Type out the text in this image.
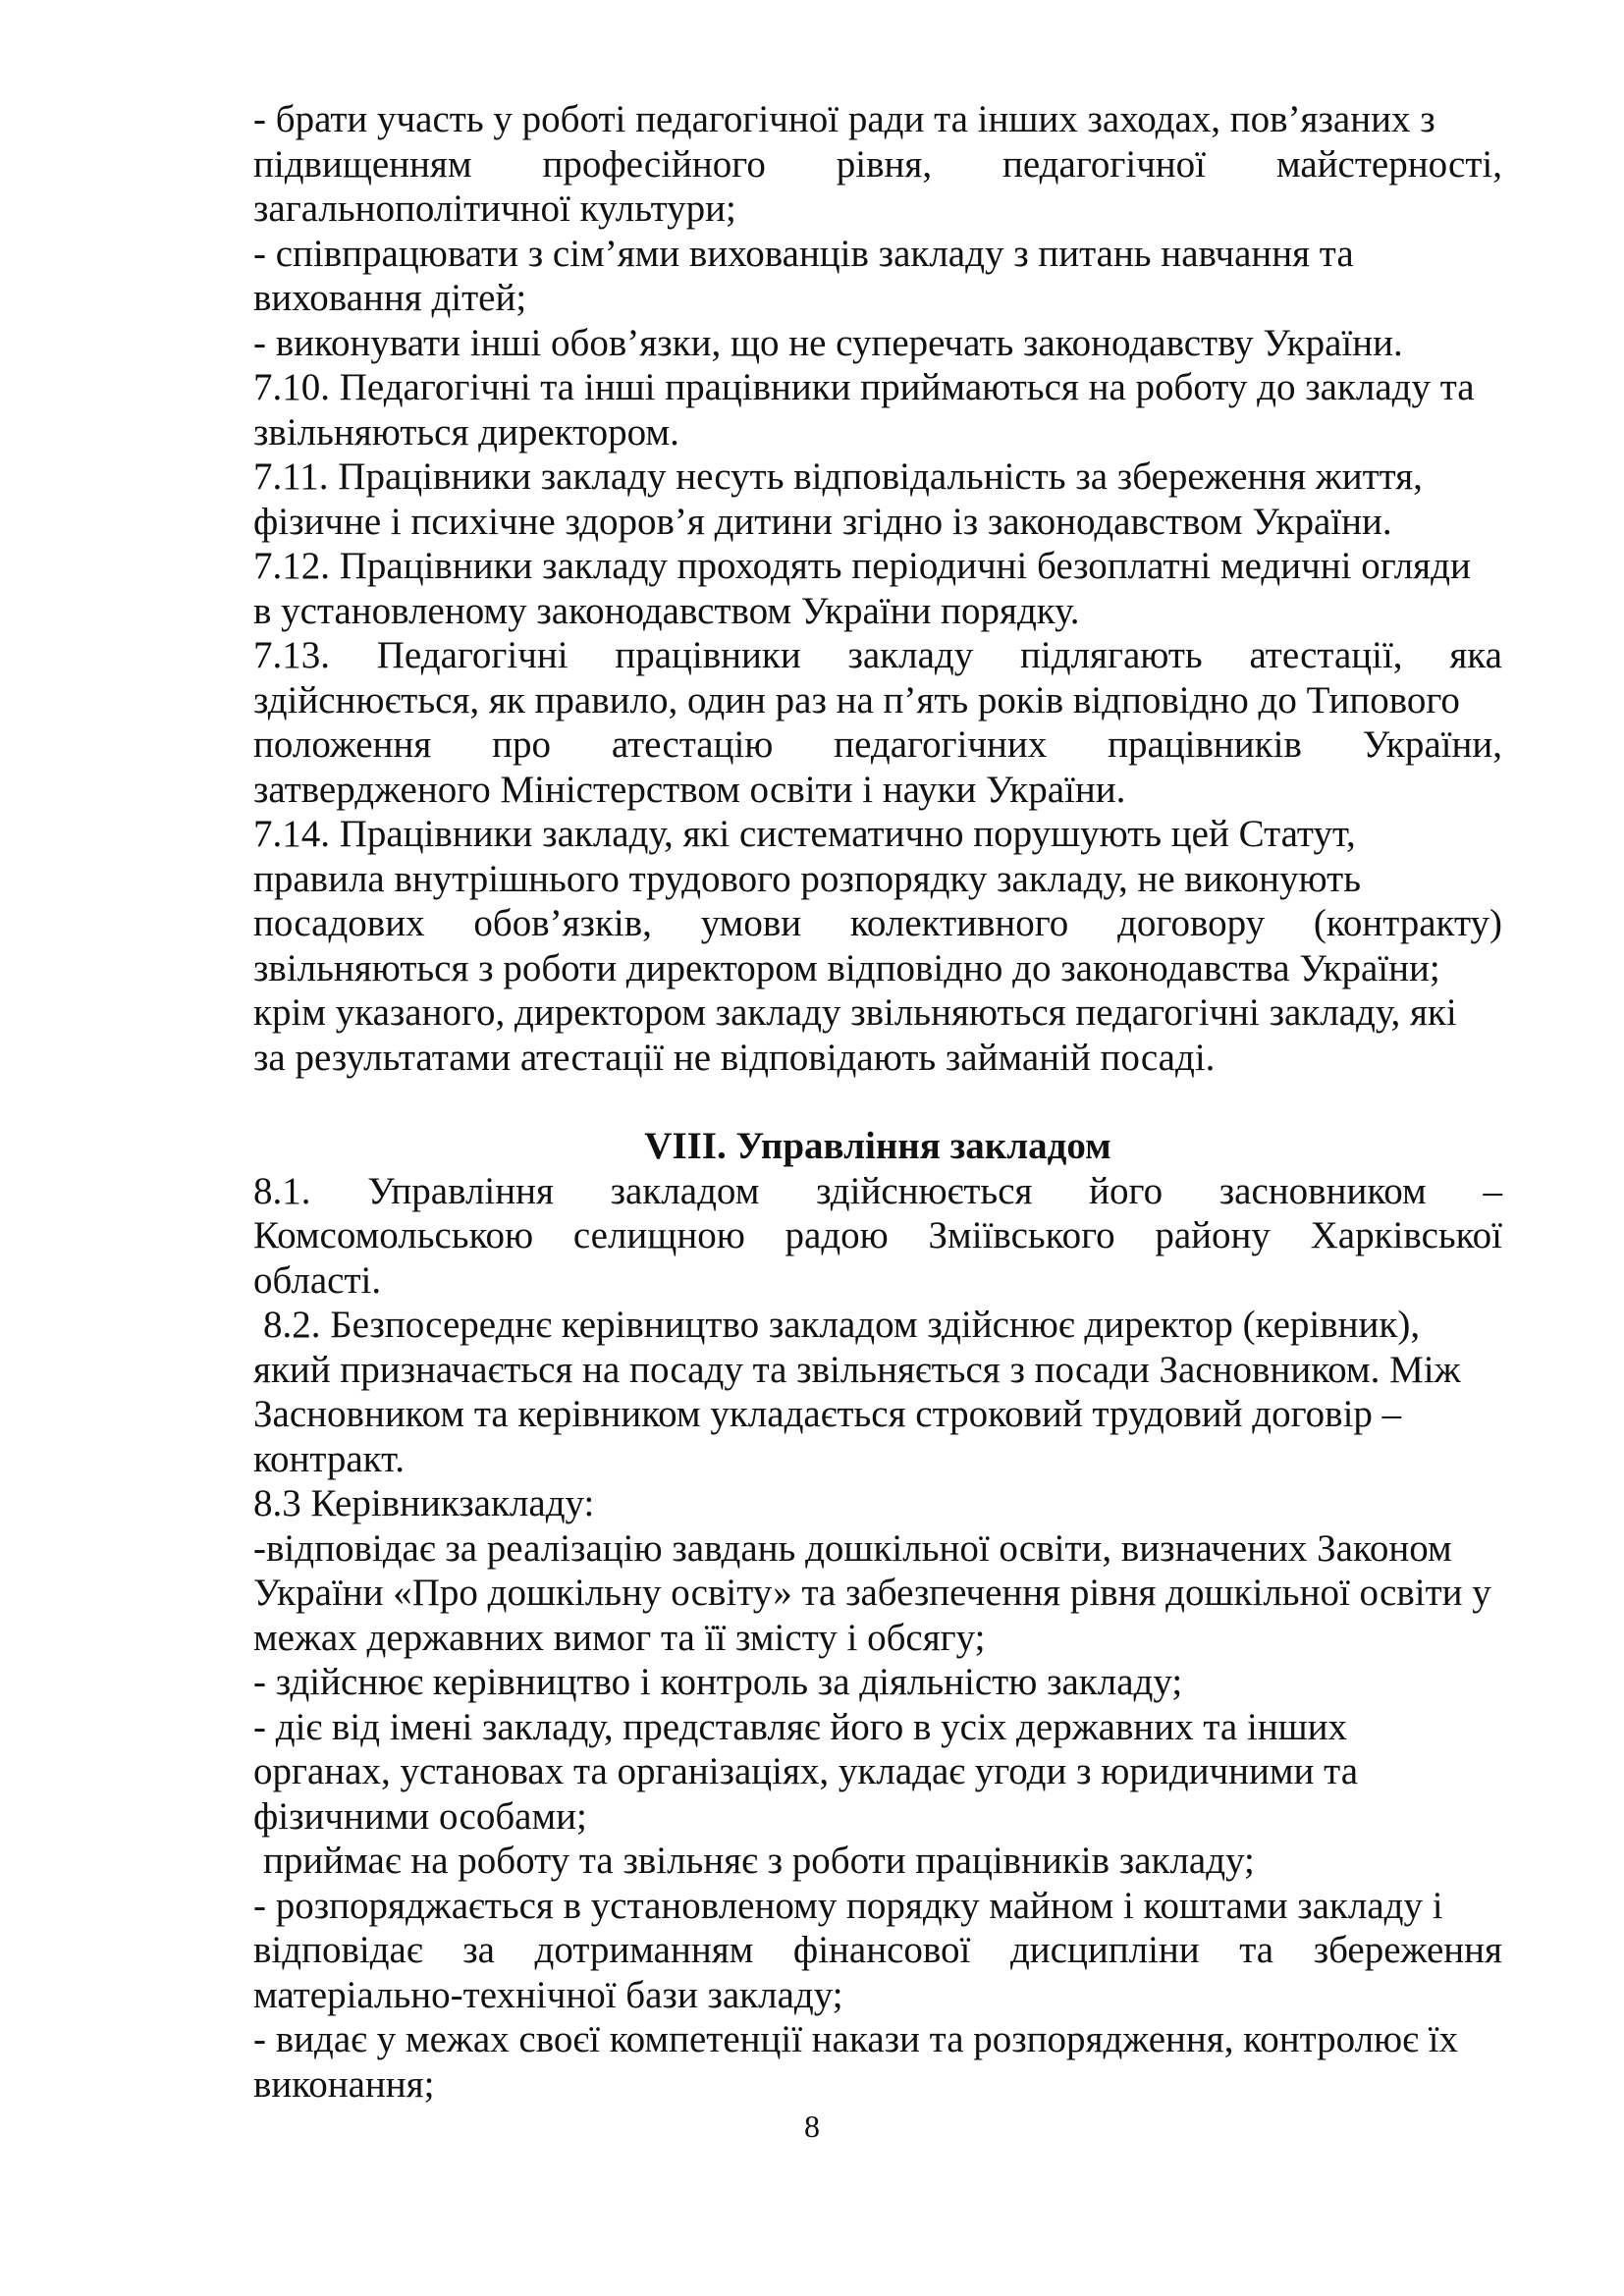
- брати участь у роботі педагогічної ради та інших заходах, пов’язаних з
підвищенням професійного рівня, педагогічної майстерності,
загальнополітичної культури;
- співпрацювати з сім’ями вихованців закладу з питань навчання та
виховання дітей;
- виконувати інші обов’язки, що не суперечать законодавству України.
7.10. Педагогічні та інші працівники приймаються на роботу до закладу та
звільняються директором.
7.11. Працівники закладу несуть відповідальність за збереження життя,
фізичне і психічне здоров’я дитини згідно із законодавством України.
7.12. Працівники закладу проходять періодичні безоплатні медичні огляди
в установленому законодавством України порядку.
7.13. Педагогічні працівники закладу підлягають атестації, яка
здійснюється, як правило, один раз на п’ять років відповідно до Типового
положення про атестацію педагогічних працівників України,
затвердженого Міністерством освіти і науки України.
7.14. Працівники закладу, які систематично порушують цей Статут,
правила внутрішнього трудового розпорядку закладу, не виконують
посадових обов’язків, умови колективного договору (контракту)
звільняються з роботи директором відповідно до законодавства України;
крім указаного, директором закладу звільняються педагогічні закладу, які
за результатами атестації не відповідають займаній посаді.
VIII. Управління закладом
8.1. Управління закладом здійснюється його засновником –
Комсомольською селищною радою Зміївського району Харківської
області.
8.2. Безпосереднє керівництво закладом здійснює директор (керівник),
який призначається на посаду та звільняється з посади Засновником. Між
Засновником та керівником укладається строковий трудовий договір –
контракт.
8.3 Керівникзакладу:
-відповідає за реалізацію завдань дошкільної освіти, визначених Законом
України «Про дошкільну освіту» та забезпечення рівня дошкільної освіти у
межах державних вимог та її змісту і обсягу;
- здійснює керівництво і контроль за діяльністю закладу;
- діє від імені закладу, представляє його в усіх державних та інших
органах, установах та організаціях, укладає угоди з юридичними та
фізичними особами;
приймає на роботу та звільняє з роботи працівників закладу;
- розпоряджається в установленому порядку майном і коштами закладу і
відповідає за дотриманням фінансової дисципліни та збереження
матеріально-технічної бази закладу;
- видає у межах своєї компетенції накази та розпорядження, контролює їх
виконання;
8
